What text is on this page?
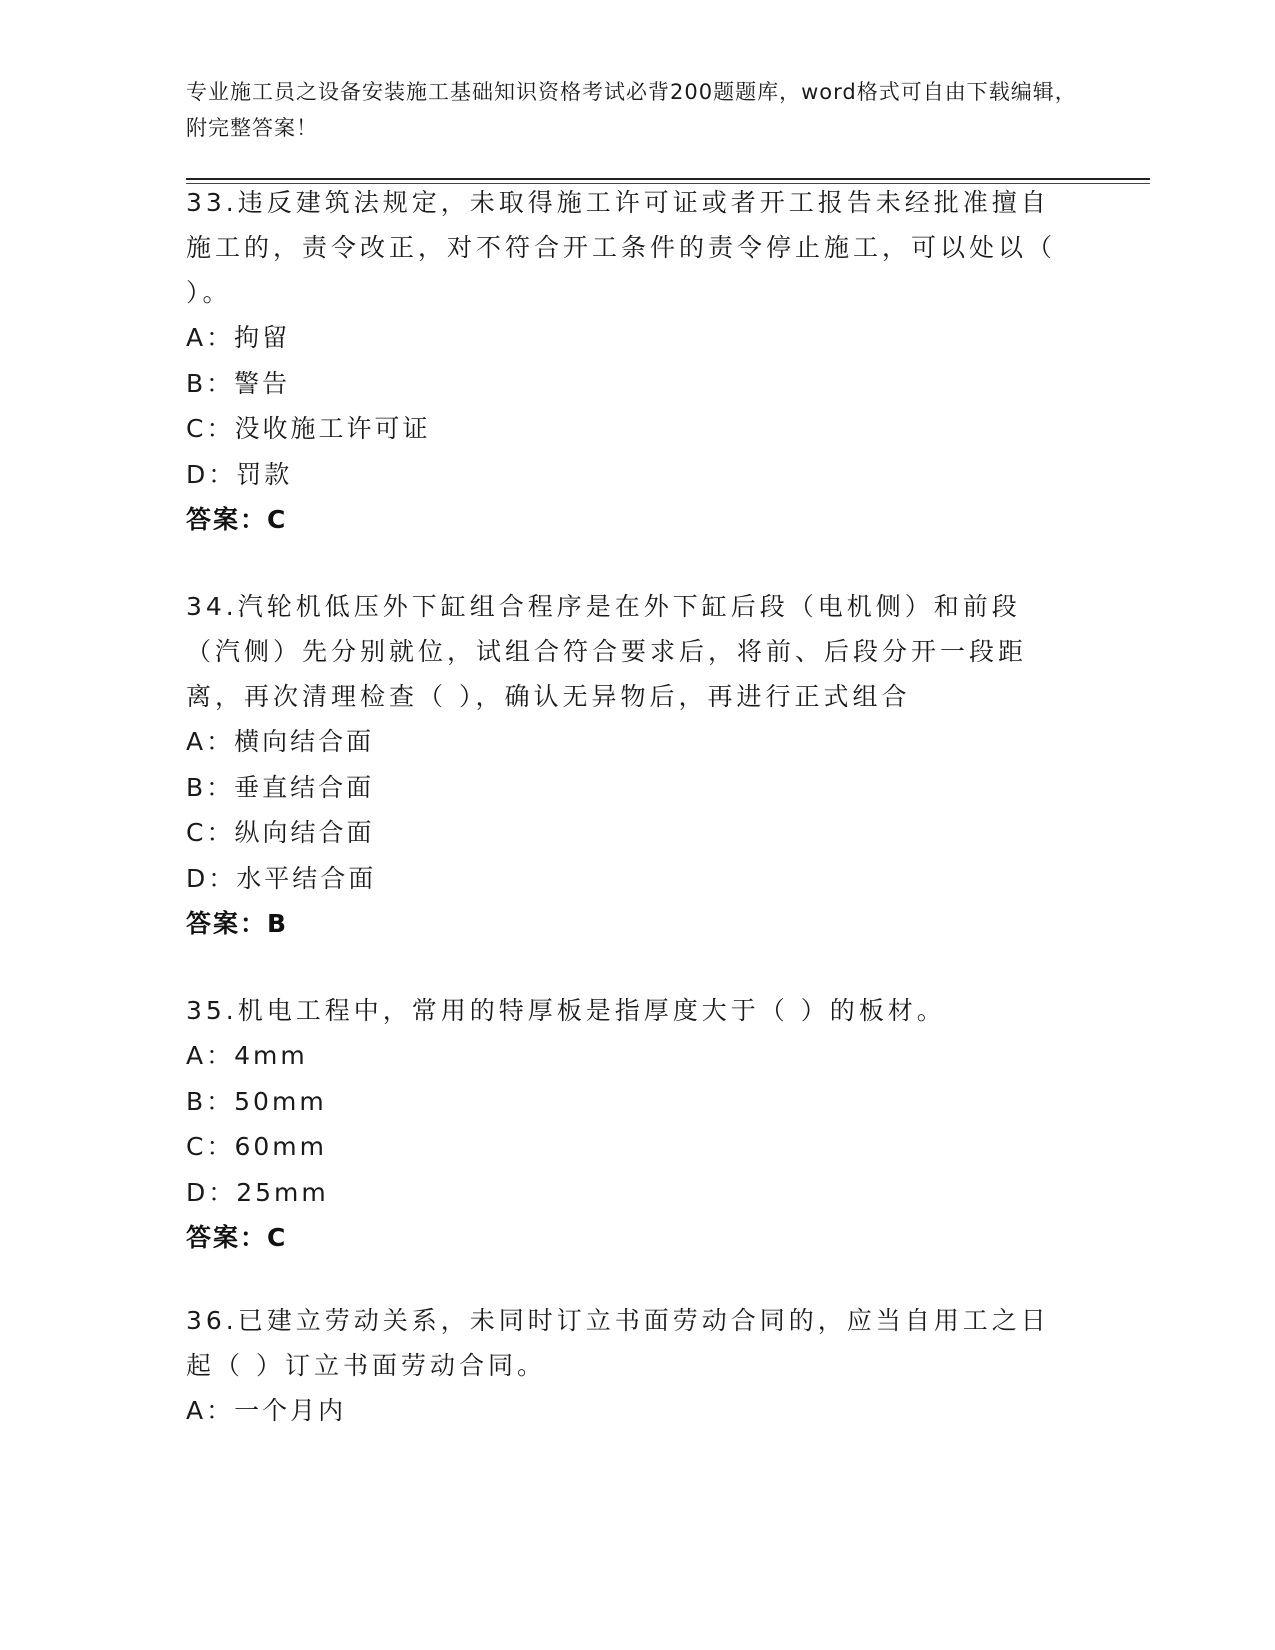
专业施工员之设备安装施工基础知识资格考试必背200题题库，word格式可自由下载编辑，附完整答案！

33.违反建筑法规定，未取得施工许可证或者开工报告未经批准擅自施工的，责令改正，对不符合开工条件的责令停止施工，可以处以（ ）。

A：拘留

B：警告

C：没收施工许可证

D：罚款

答案：C

34.汽轮机低压外下缸组合程序是在外下缸后段（电机侧）和前段（汽侧）先分别就位，试组合符合要求后，将前、后段分开一段距离，再次清理检查（ ），确认无异物后，再进行正式组合

A：横向结合面

B：垂直结合面

C：纵向结合面

D：水平结合面

答案：B

35.机电工程中，常用的特厚板是指厚度大于（ ）的板材。

A：4mm

B：50mm

C：60mm

D：25mm

答案：C

36.已建立劳动关系，未同时订立书面劳动合同的，应当自用工之日起（ ）订立书面劳动合同。

A：一个月内
